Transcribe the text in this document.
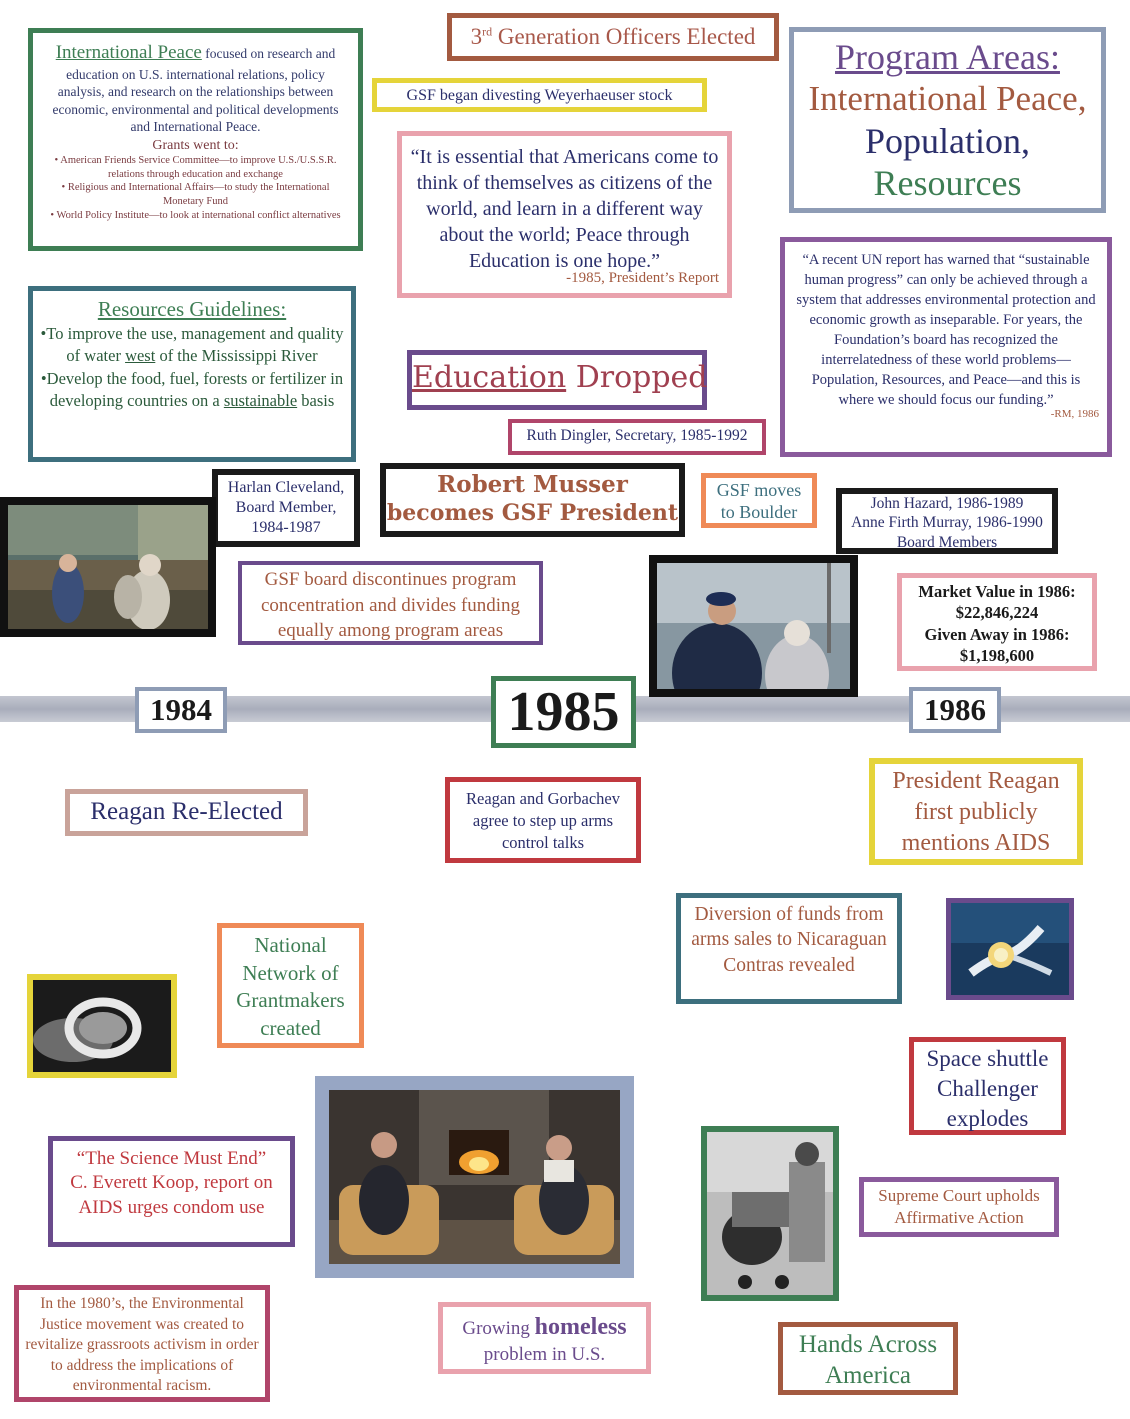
International Peace focused on research and education on U.S. international relations, policy analysis, and research on the relationships between economic, environmental and political developments and International Peace.
Grants went to:
• American Friends Service Committee—to improve U.S./U.S.S.R. relations through education and exchange
• Religious and International Affairs—to study the International Monetary Fund
• World Policy Institute—to look at international conflict alternatives
3rd Generation Officers Elected
GSF began divesting Weyerhaeuser stock
Program Areas:
International Peace,
Population,
Resources
“It is essential that Americans come to think of themselves as citizens of the world, and learn in a different way about the world; Peace through Education is one hope.”
-1985, President’s Report
“A recent UN report has warned that “sustainable human progress” can only be achieved through a system that addresses environmental protection and economic growth as inseparable. For years, the Foundation’s board has recognized the interrelatedness of these world problems—Population, Resources, and Peace—and this is where we should focus our funding.”
-RM, 1986
Resources Guidelines:
•To improve the use, management and quality of water west of the Mississippi River
•Develop the food, fuel, forests or fertilizer in developing countries on a sustainable basis
Education Dropped
Ruth Dingler, Secretary, 1985-1992
Harlan Cleveland, Board Member, 1984-1987
Robert Musser
becomes GSF President
GSF moves to Boulder	John Hazard, 1986-1989
Anne Firth Murray, 1986-1990
Board Members
GSF board discontinues program concentration and divides funding equally among program areas
Market Value in 1986:
$22,846,224
Given Away in 1986:
$1,198,600
1984	1985	1986
Reagan Re-Elected	Reagan and Gorbachev agree to step up arms control talks
President Reagan first publicly mentions AIDS
Diversion of funds from arms sales to Nicaraguan Contras revealed
National Network of Grantmakers created
Space shuttle Challenger explodes
“The Science Must End”
C. Everett Koop, report on AIDS urges condom use
Supreme Court upholds Affirmative Action
In the 1980’s, the Environmental Justice movement was created to revitalize grassroots activism in order to address the implications of environmental racism.
Growing homeless problem in U.S.	Hands Across America
